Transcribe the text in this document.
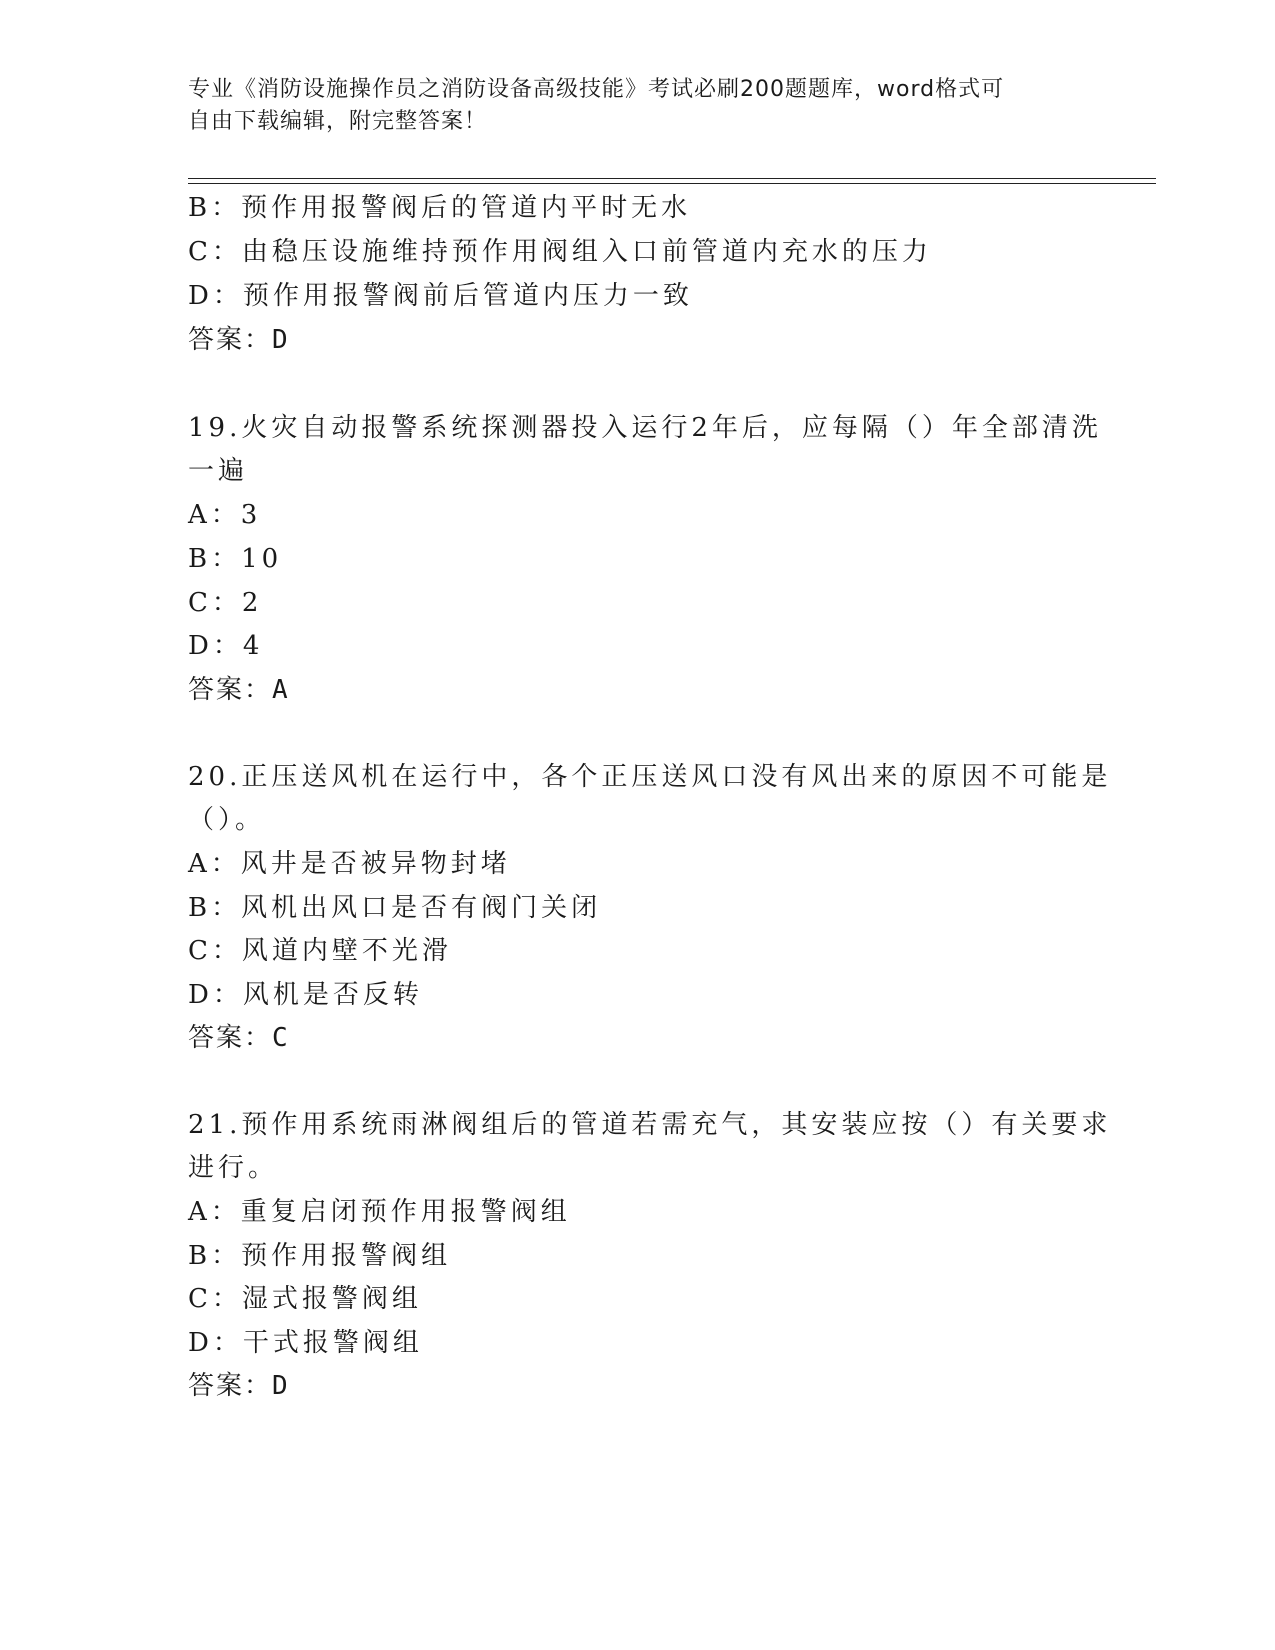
专业《消防设施操作员之消防设备高级技能》考试必刷200题题库，word格式可
自由下载编辑，附完整答案！
B：预作用报警阀后的管道内平时无水
C：由稳压设施维持预作用阀组入口前管道内充水的压力
D：预作用报警阀前后管道内压力一致
答案：D
19.火灾自动报警系统探测器投入运行2年后，应每隔（）年全部清洗
一遍
A：3
B：10
C：2
D：4
答案：A
20.正压送风机在运行中，各个正压送风口没有风出来的原因不可能是
（）。
A：风井是否被异物封堵
B：风机出风口是否有阀门关闭
C：风道内壁不光滑
D：风机是否反转
答案：C
21.预作用系统雨淋阀组后的管道若需充气，其安装应按（）有关要求
进行。
A：重复启闭预作用报警阀组
B：预作用报警阀组
C：湿式报警阀组
D：干式报警阀组
答案：D
